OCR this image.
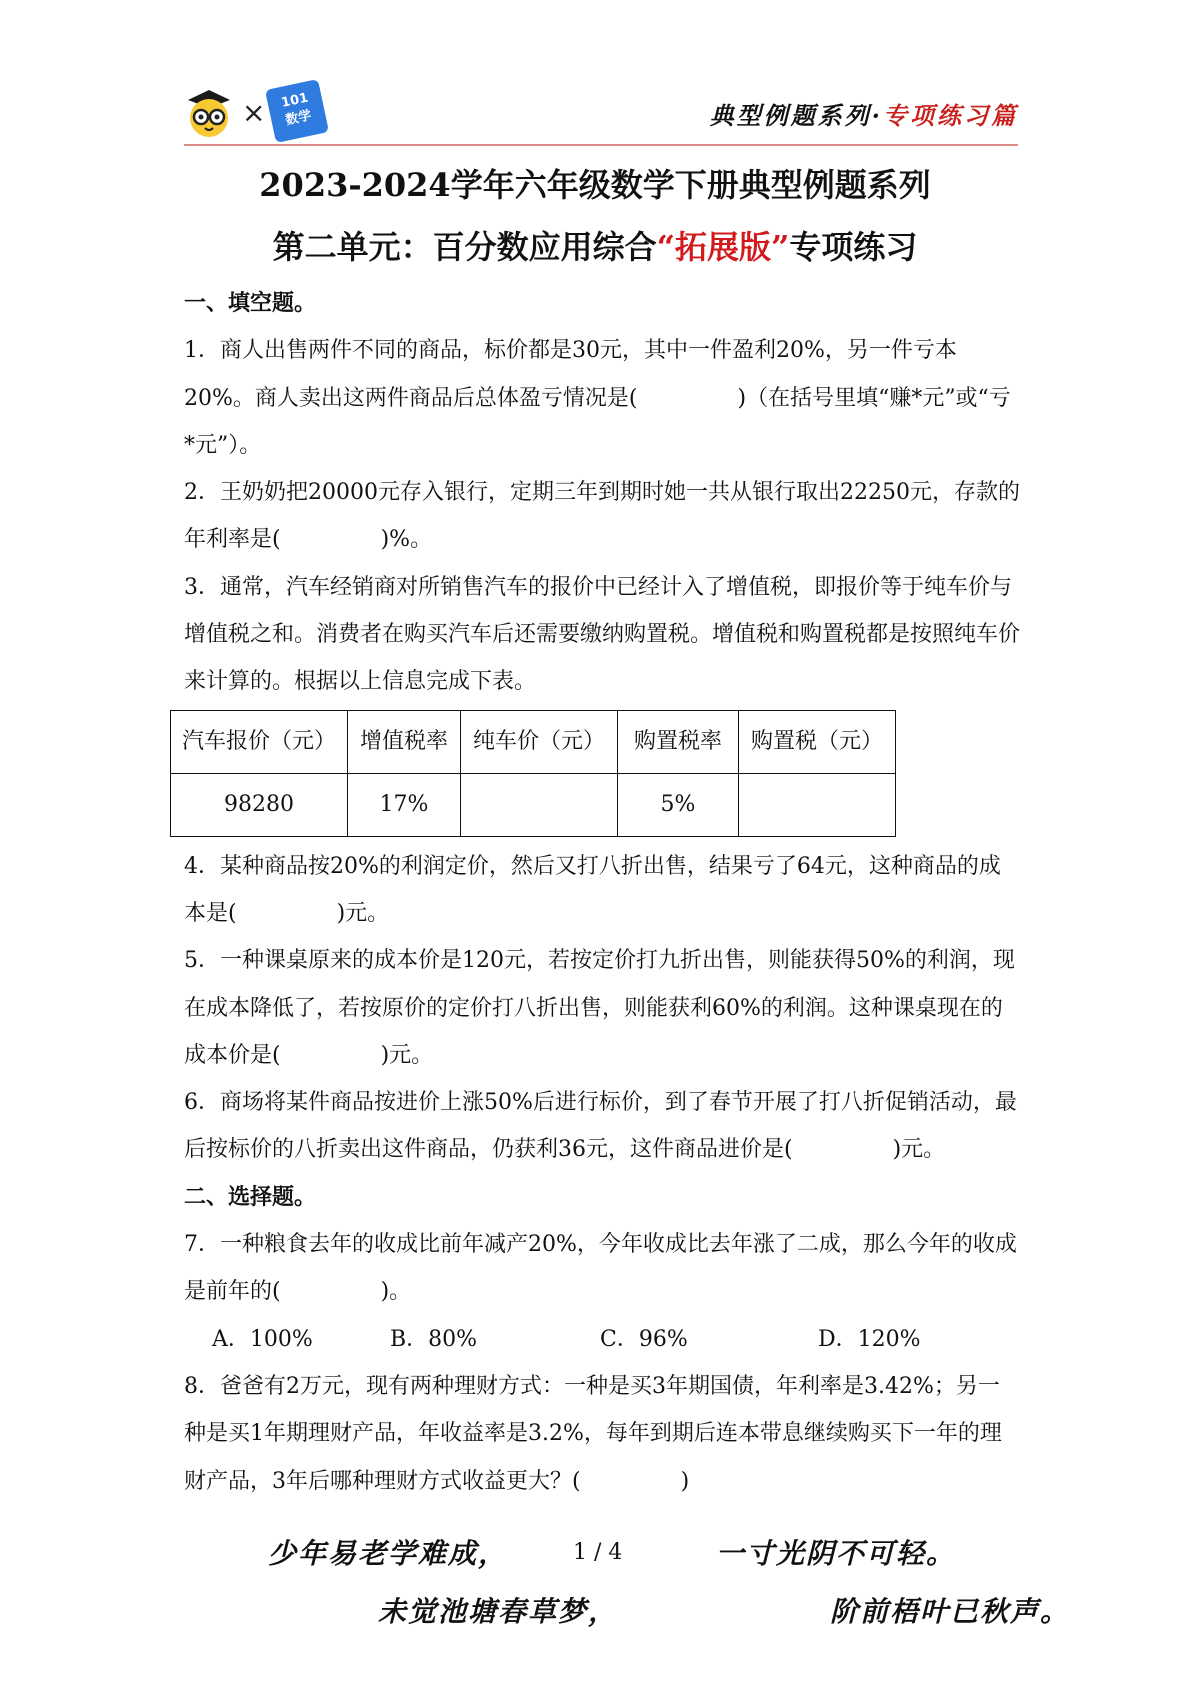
×	101
数学	典型例题系列·专项练习篇
2023-2024学年六年级数学下册典型例题系列
第二单元：百分数应用综合“拓展版”专项练习

一、填空题。

1．商人出售两件不同的商品，标价都是30元，其中一件盈利20%，另一件亏本20%。商人卖出这两件商品后总体盈亏情况是(	)（在括号里填“赚*元”或“亏*元”）。

2．王奶奶把20000元存入银行，定期三年到期时她一共从银行取出22250元，存款的年利率是(	)%。

3．通常，汽车经销商对所销售汽车的报价中已经计入了增值税，即报价等于纯车价与增值税之和。消费者在购买汽车后还需要缴纳购置税。增值税和购置税都是按照纯车价来计算的。根据以上信息完成下表。

汽车报价（元）	增值税率	纯车价（元）	购置税率	购置税（元）
98280	17%		5%	

4．某种商品按20%的利润定价，然后又打八折出售，结果亏了64元，这种商品的成本是(	)元。

5．一种课桌原来的成本价是120元，若按定价打九折出售，则能获得50%的利润，现在成本降低了，若按原价的定价打八折出售，则能获利60%的利润。这种课桌现在的成本价是(	)元。

6．商场将某件商品按进价上涨50%后进行标价，到了春节开展了打八折促销活动，最后按标价的八折卖出这件商品，仍获利36元，这件商品进价是(	)元。

二、选择题。

7．一种粮食去年的收成比前年减产20%，今年收成比去年涨了二成，那么今年的收成是前年的(	)。

A．100%	B．80%	C．96%	D．120%

8．爸爸有2万元，现有两种理财方式：一种是买3年期国债，年利率是3.42%；另一种是买1年期理财产品，年收益率是3.2%，每年到期后连本带息继续购买下一年的理财产品，3年后哪种理财方式收益更大？(	)

少年易老学难成，	1 / 4	一寸光阴不可轻。
未觉池塘春草梦，	阶前梧叶已秋声。
